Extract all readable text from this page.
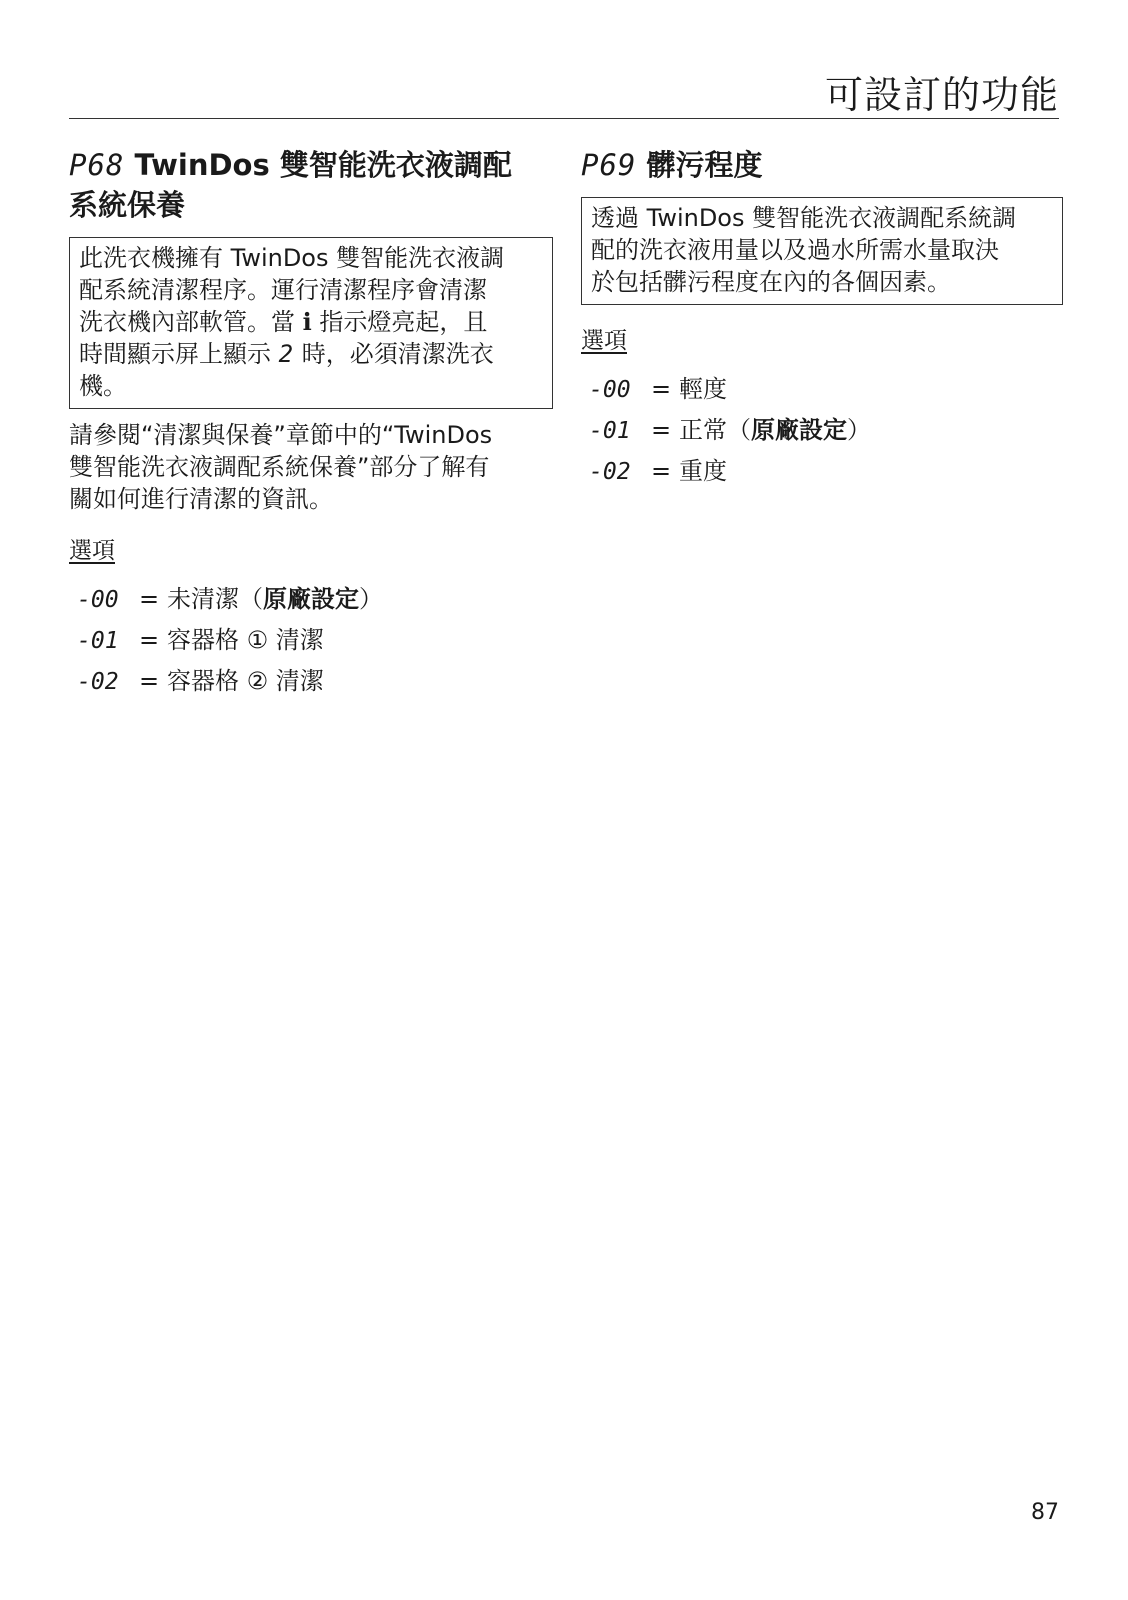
可設訂的功能
P68 TwinDos 雙智能洗衣液調配
系統保養
此洗衣機擁有 TwinDos 雙智能洗衣液調
配系統清潔程序。運行清潔程序會清潔
洗衣機內部軟管。當 ℹ 指示燈亮起，且
時間顯示屏上顯示 2 時，必須清潔洗衣
機。
請參閱“清潔與保養”章節中的“TwinDos
雙智能洗衣液調配系統保養”部分了解有
關如何進行清潔的資訊。
選項
-00 = 未清潔（原廠設定）
-01 = 容器格 ① 清潔
-02 = 容器格 ② 清潔
P69 髒污程度
透過 TwinDos 雙智能洗衣液調配系統調
配的洗衣液用量以及過水所需水量取決
於包括髒污程度在內的各個因素。
選項
-00 = 輕度
-01 = 正常（原廠設定）
-02 = 重度
87
